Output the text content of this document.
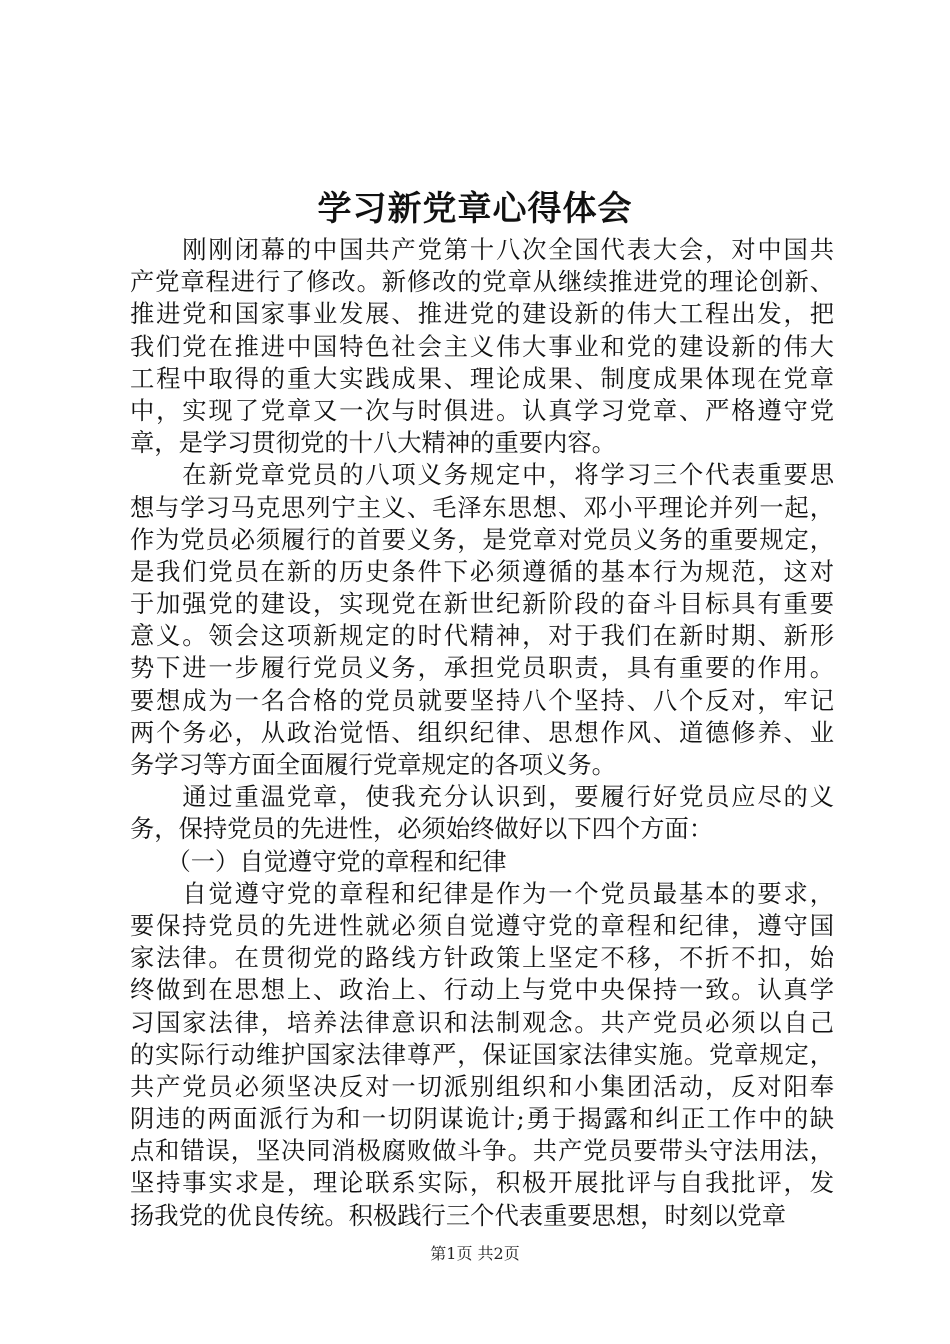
学习新党章心得体会
　　刚刚闭幕的中国共产党第十八次全国代表大会，对中国共
产党章程进行了修改。新修改的党章从继续推进党的理论创新、
推进党和国家事业发展、推进党的建设新的伟大工程出发，把
我们党在推进中国特色社会主义伟大事业和党的建设新的伟大
工程中取得的重大实践成果、理论成果、制度成果体现在党章
中，实现了党章又一次与时俱进。认真学习党章、严格遵守党
章，是学习贯彻党的十八大精神的重要内容。
　　在新党章党员的八项义务规定中，将学习三个代表重要思
想与学习马克思列宁主义、毛泽东思想、邓小平理论并列一起，
作为党员必须履行的首要义务，是党章对党员义务的重要规定，
是我们党员在新的历史条件下必须遵循的基本行为规范，这对
于加强党的建设，实现党在新世纪新阶段的奋斗目标具有重要
意义。领会这项新规定的时代精神，对于我们在新时期、新形
势下进一步履行党员义务，承担党员职责，具有重要的作用。
要想成为一名合格的党员就要坚持八个坚持、八个反对，牢记
两个务必，从政治觉悟、组织纪律、思想作风、道德修养、业
务学习等方面全面履行党章规定的各项义务。
　　通过重温党章，使我充分认识到，要履行好党员应尽的义
务，保持党员的先进性，必须始终做好以下四个方面：
　　（一）自觉遵守党的章程和纪律
　　自觉遵守党的章程和纪律是作为一个党员最基本的要求，
要保持党员的先进性就必须自觉遵守党的章程和纪律，遵守国
家法律。在贯彻党的路线方针政策上坚定不移，不折不扣，始
终做到在思想上、政治上、行动上与党中央保持一致。认真学
习国家法律，培养法律意识和法制观念。共产党员必须以自己
的实际行动维护国家法律尊严，保证国家法律实施。党章规定，
共产党员必须坚决反对一切派别组织和小集团活动，反对阳奉
阴违的两面派行为和一切阴谋诡计;勇于揭露和纠正工作中的缺
点和错误，坚决同消极腐败做斗争。共产党员要带头守法用法，
坚持事实求是，理论联系实际，积极开展批评与自我批评，发
扬我党的优良传统。积极践行三个代表重要思想，时刻以党章
第1页 共2页
